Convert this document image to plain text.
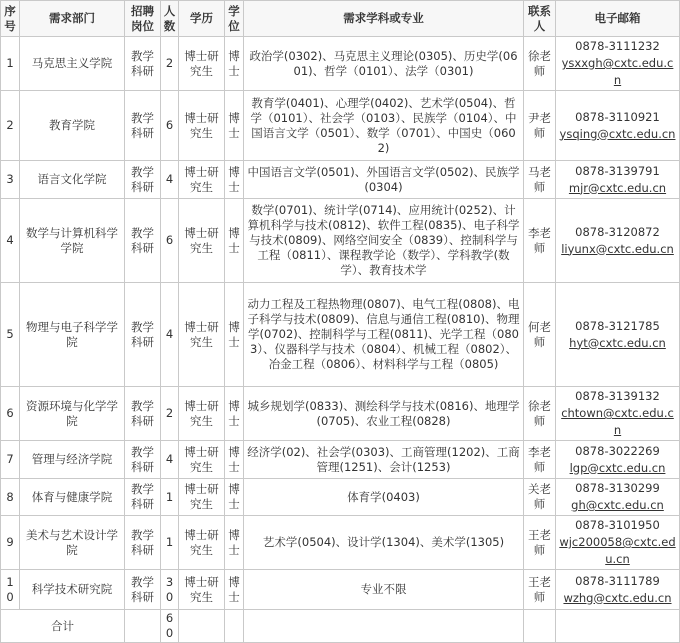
序号	需求部门	招聘岗位	人数	学历	学位	需求学科或专业	联系人	电子邮箱
1	马克思主义学院	教学科研	2	博士研究生	博士	政治学(0302)、马克思主义理论(0305)、历史学(0601)、哲学（0101）、法学（0301)	徐老师	0878-3111232
ysxxgh@cxtc.edu.cn

2	教育学院	教学科研	6	博士研究生	博士	教育学(0401)、心理学(0402)、艺术学(0504)、哲学（0101）、社会学（0103）、民族学（0104）、中国语言文学（0501）、数学（0701）、中国史（0602)	尹老师	0878-3110921
ysqing@cxtc.edu.cn

3	语言文化学院	教学科研	4	博士研究生	博士	中国语言文学(0501)、外国语言文学(0502)、民族学(0304)	马老师	0878-3139791
mjr@cxtc.edu.cn

4	数学与计算机科学学院	教学科研	6	博士研究生	博士	数学(0701)、统计学(0714)、应用统计(0252)、计算机科学与技术(0812)、软件工程(0835)、电子科学与技术(0809)、网络空间安全（0839）、控制科学与工程（0811）、课程教学论（数学）、学科教学(数学）、教育技术学	李老师	0878-3120872
liyunx@cxtc.edu.cn

5	物理与电子科学学院	教学科研	4	博士研究生	博士	动力工程及工程热物理(0807)、电气工程(0808)、电子科学与技术(0809)、信息与通信工程(0810)、物理学(0702)、控制科学与工程(0811)、光学工程（0803）、仪器科学与技术（0804）、机械工程（0802）、冶金工程（0806）、材料科学与工程（0805)	何老师	0878-3121785
hyt@cxtc.edu.cn

6	资源环境与化学学院	教学科研	2	博士研究生	博士	城乡规划学(0833)、测绘科学与技术(0816)、地理学(0705)、农业工程(0828)	徐老师	0878-3139132
chtown@cxtc.edu.cn

7	管理与经济学院	教学科研	4	博士研究生	博士	经济学(02)、社会学(0303)、工商管理(1202)、工商管理(1251)、会计(1253)	李老师	0878-3022269
lgp@cxtc.edu.cn

8	体育与健康学院	教学科研	1	博士研究生	博士	体育学(0403)	关老师	0878-3130299
gh@cxtc.edu.cn

9	美术与艺术设计学院	教学科研	1	博士研究生	博士	艺术学(0504)、设计学(1304)、美术学(1305)	王老师	0878-3101950
wjc200058@cxtc.edu.cn

10	科学技术研究院	教学科研	30	博士研究生	博士	专业不限	王老师	0878-3111789
wzhg@cxtc.edu.cn

合计			60					
